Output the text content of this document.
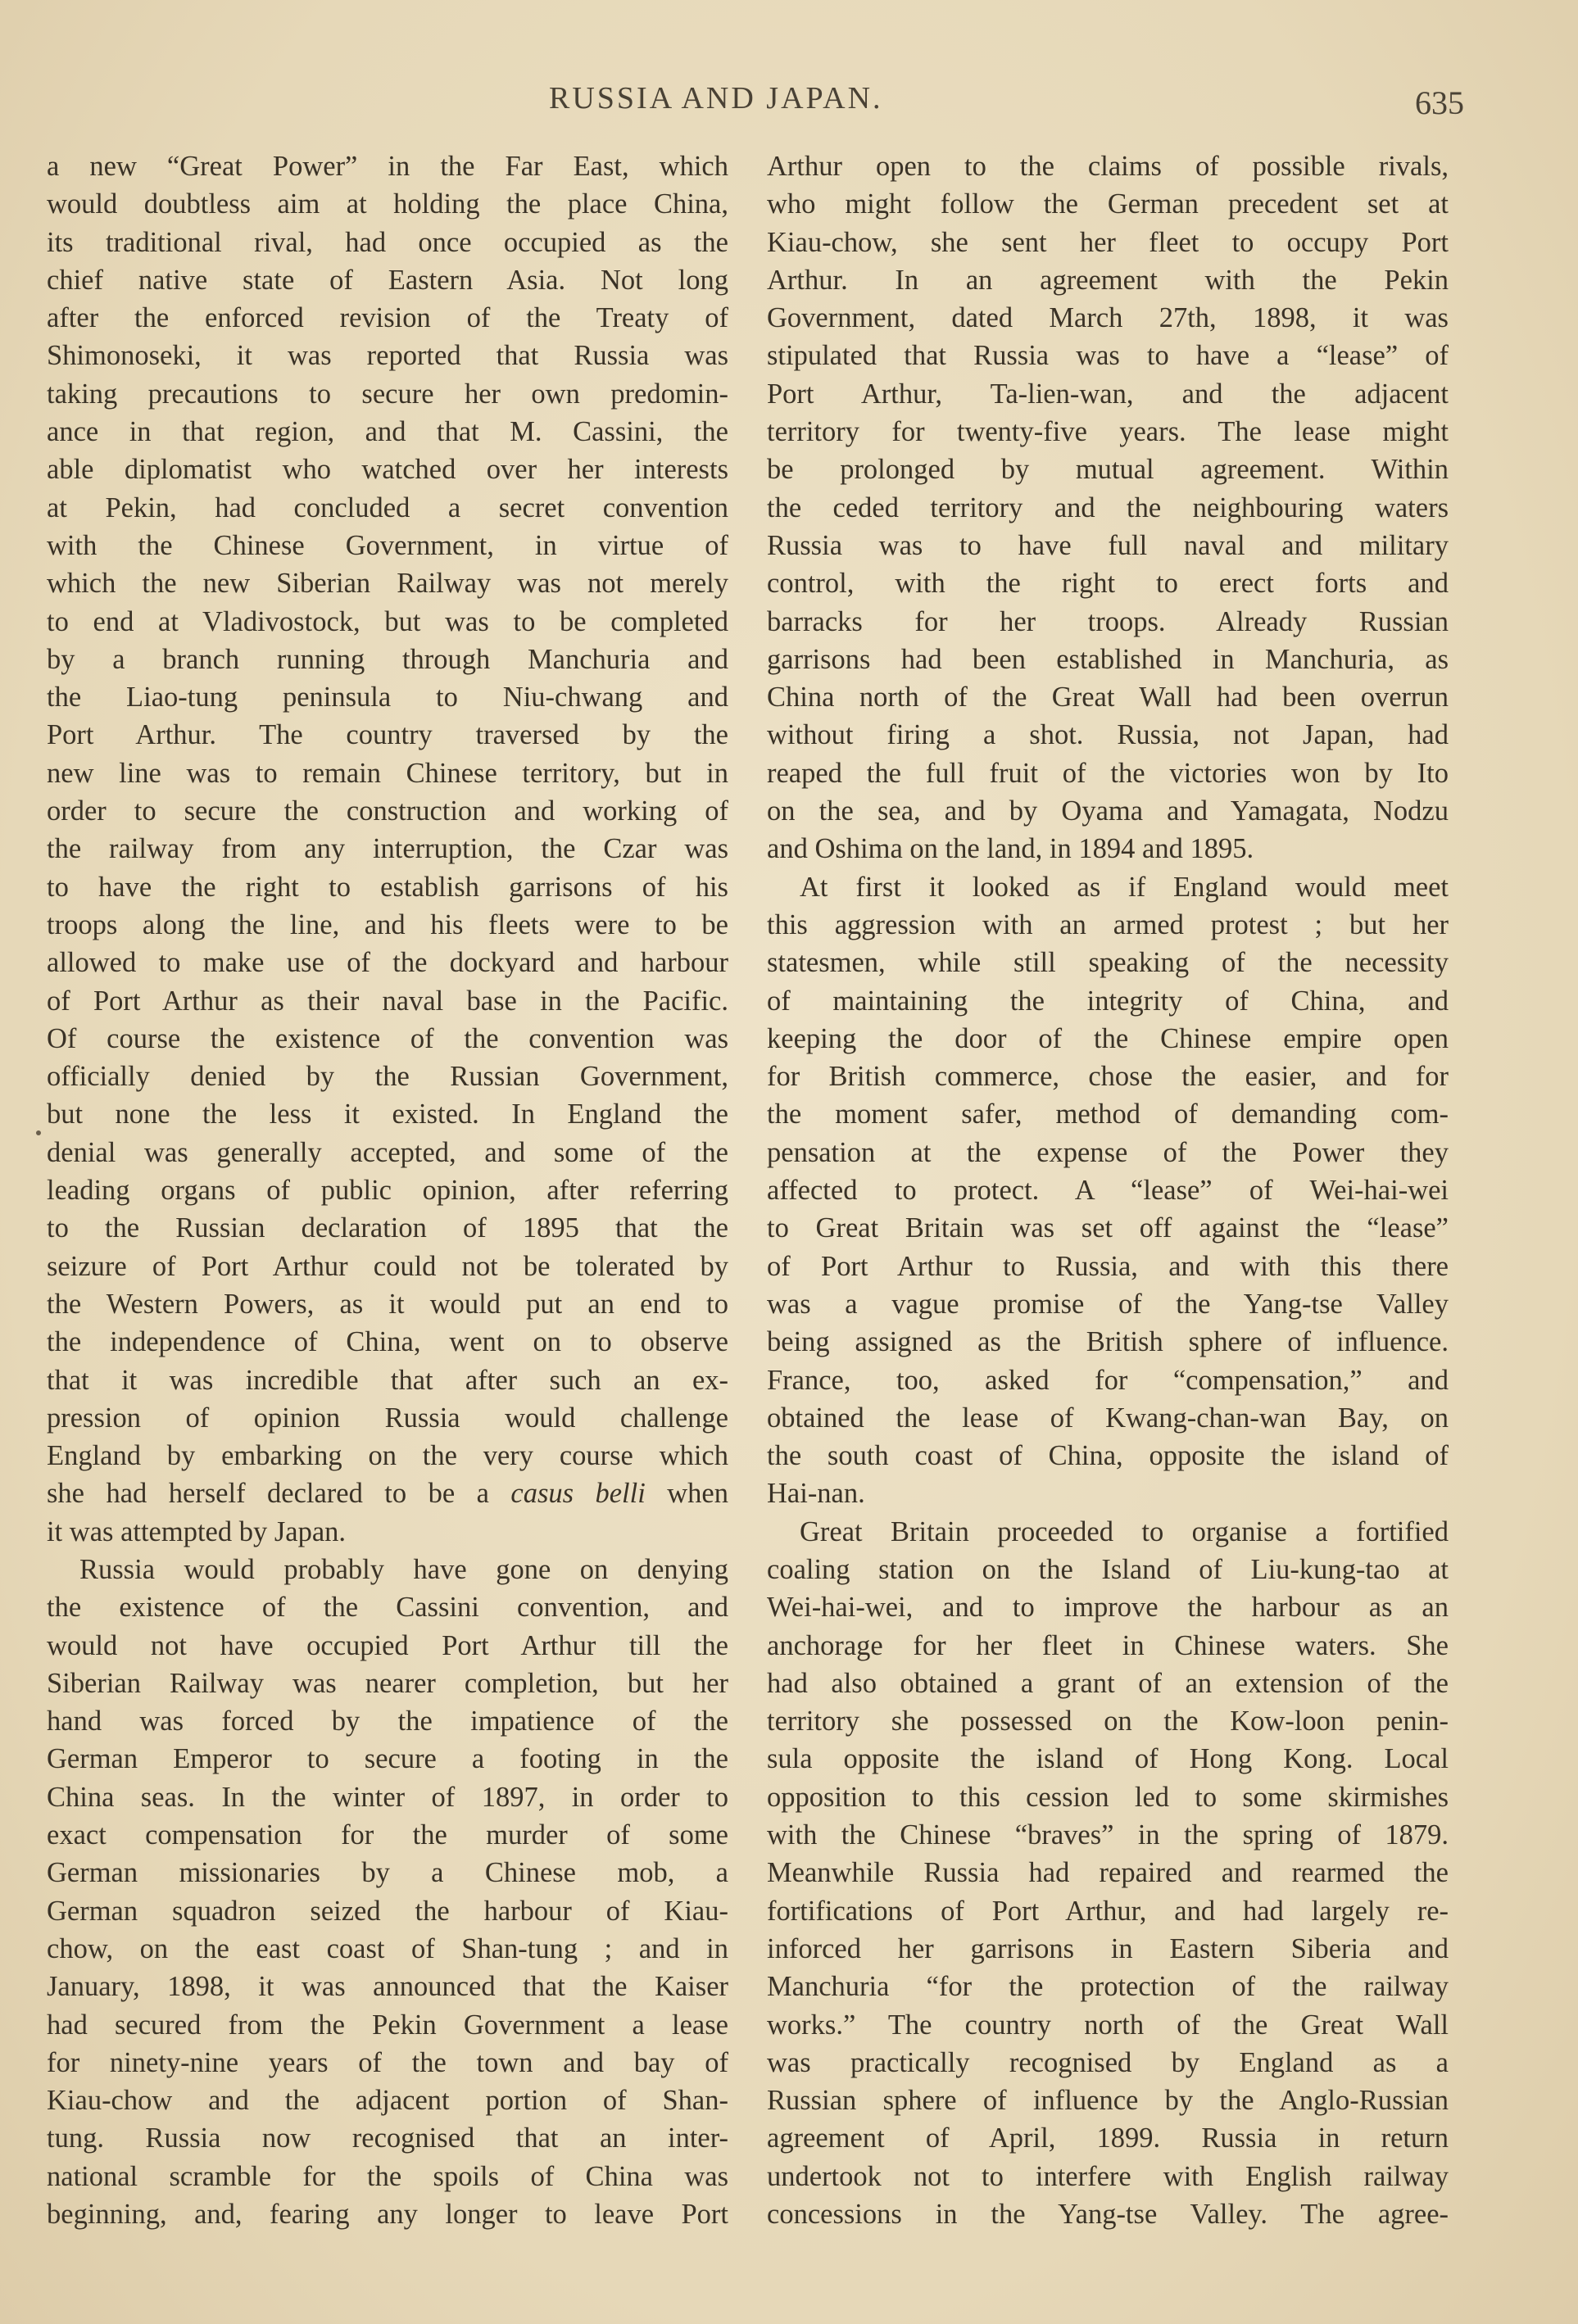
RUSSIA AND JAPAN.	635
a new “Great Power” in the Far East, which
would doubtless aim at holding the place China,
its traditional rival, had once occupied as the
chief native state of Eastern Asia. Not long
after the enforced revision of the Treaty of
Shimonoseki, it was reported that Russia was
taking precautions to secure her own predomin-
ance in that region, and that M. Cassini, the
able diplomatist who watched over her interests
at Pekin, had concluded a secret convention
with the Chinese Government, in virtue of
which the new Siberian Railway was not merely
to end at Vladivostock, but was to be completed
by a branch running through Manchuria and
the Liao-tung peninsula to Niu-chwang and
Port Arthur. The country traversed by the
new line was to remain Chinese territory, but in
order to secure the construction and working of
the railway from any interruption, the Czar was
to have the right to establish garrisons of his
troops along the line, and his fleets were to be
allowed to make use of the dockyard and harbour
of Port Arthur as their naval base in the Pacific.
Of course the existence of the convention was
officially denied by the Russian Government,
but none the less it existed. In England the
denial was generally accepted, and some of the
leading organs of public opinion, after referring
to the Russian declaration of 1895 that the
seizure of Port Arthur could not be tolerated by
the Western Powers, as it would put an end to
the independence of China, went on to observe
that it was incredible that after such an ex-
pression of opinion Russia would challenge
England by embarking on the very course which
she had herself declared to be a casus belli when
it was attempted by Japan.
Russia would probably have gone on denying
the existence of the Cassini convention, and
would not have occupied Port Arthur till the
Siberian Railway was nearer completion, but her
hand was forced by the impatience of the
German Emperor to secure a footing in the
China seas. In the winter of 1897, in order to
exact compensation for the murder of some
German missionaries by a Chinese mob, a
German squadron seized the harbour of Kiau-
chow, on the east coast of Shan-tung ; and in
January, 1898, it was announced that the Kaiser
had secured from the Pekin Government a lease
for ninety-nine years of the town and bay of
Kiau-chow and the adjacent portion of Shan-
tung. Russia now recognised that an inter-
national scramble for the spoils of China was
beginning, and, fearing any longer to leave Port
Arthur open to the claims of possible rivals,
who might follow the German precedent set at
Kiau-chow, she sent her fleet to occupy Port
Arthur. In an agreement with the Pekin
Government, dated March 27th, 1898, it was
stipulated that Russia was to have a “lease” of
Port Arthur, Ta-lien-wan, and the adjacent
territory for twenty-five years. The lease might
be prolonged by mutual agreement. Within
the ceded territory and the neighbouring waters
Russia was to have full naval and military
control, with the right to erect forts and
barracks for her troops. Already Russian
garrisons had been established in Manchuria, as
China north of the Great Wall had been overrun
without firing a shot. Russia, not Japan, had
reaped the full fruit of the victories won by Ito
on the sea, and by Oyama and Yamagata, Nodzu
and Oshima on the land, in 1894 and 1895.
At first it looked as if England would meet
this aggression with an armed protest ; but her
statesmen, while still speaking of the necessity
of maintaining the integrity of China, and
keeping the door of the Chinese empire open
for British commerce, chose the easier, and for
the moment safer, method of demanding com-
pensation at the expense of the Power they
affected to protect. A “lease” of Wei-hai-wei
to Great Britain was set off against the “lease”
of Port Arthur to Russia, and with this there
was a vague promise of the Yang-tse Valley
being assigned as the British sphere of influence.
France, too, asked for “compensation,” and
obtained the lease of Kwang-chan-wan Bay, on
the south coast of China, opposite the island of
Hai-nan.
Great Britain proceeded to organise a fortified
coaling station on the Island of Liu-kung-tao at
Wei-hai-wei, and to improve the harbour as an
anchorage for her fleet in Chinese waters. She
had also obtained a grant of an extension of the
territory she possessed on the Kow-loon penin-
sula opposite the island of Hong Kong. Local
opposition to this cession led to some skirmishes
with the Chinese “braves” in the spring of 1879.
Meanwhile Russia had repaired and rearmed the
fortifications of Port Arthur, and had largely re-
inforced her garrisons in Eastern Siberia and
Manchuria “for the protection of the railway
works.” The country north of the Great Wall
was practically recognised by England as a
Russian sphere of influence by the Anglo-Russian
agreement of April, 1899. Russia in return
undertook not to interfere with English railway
concessions in the Yang-tse Valley. The agree-
